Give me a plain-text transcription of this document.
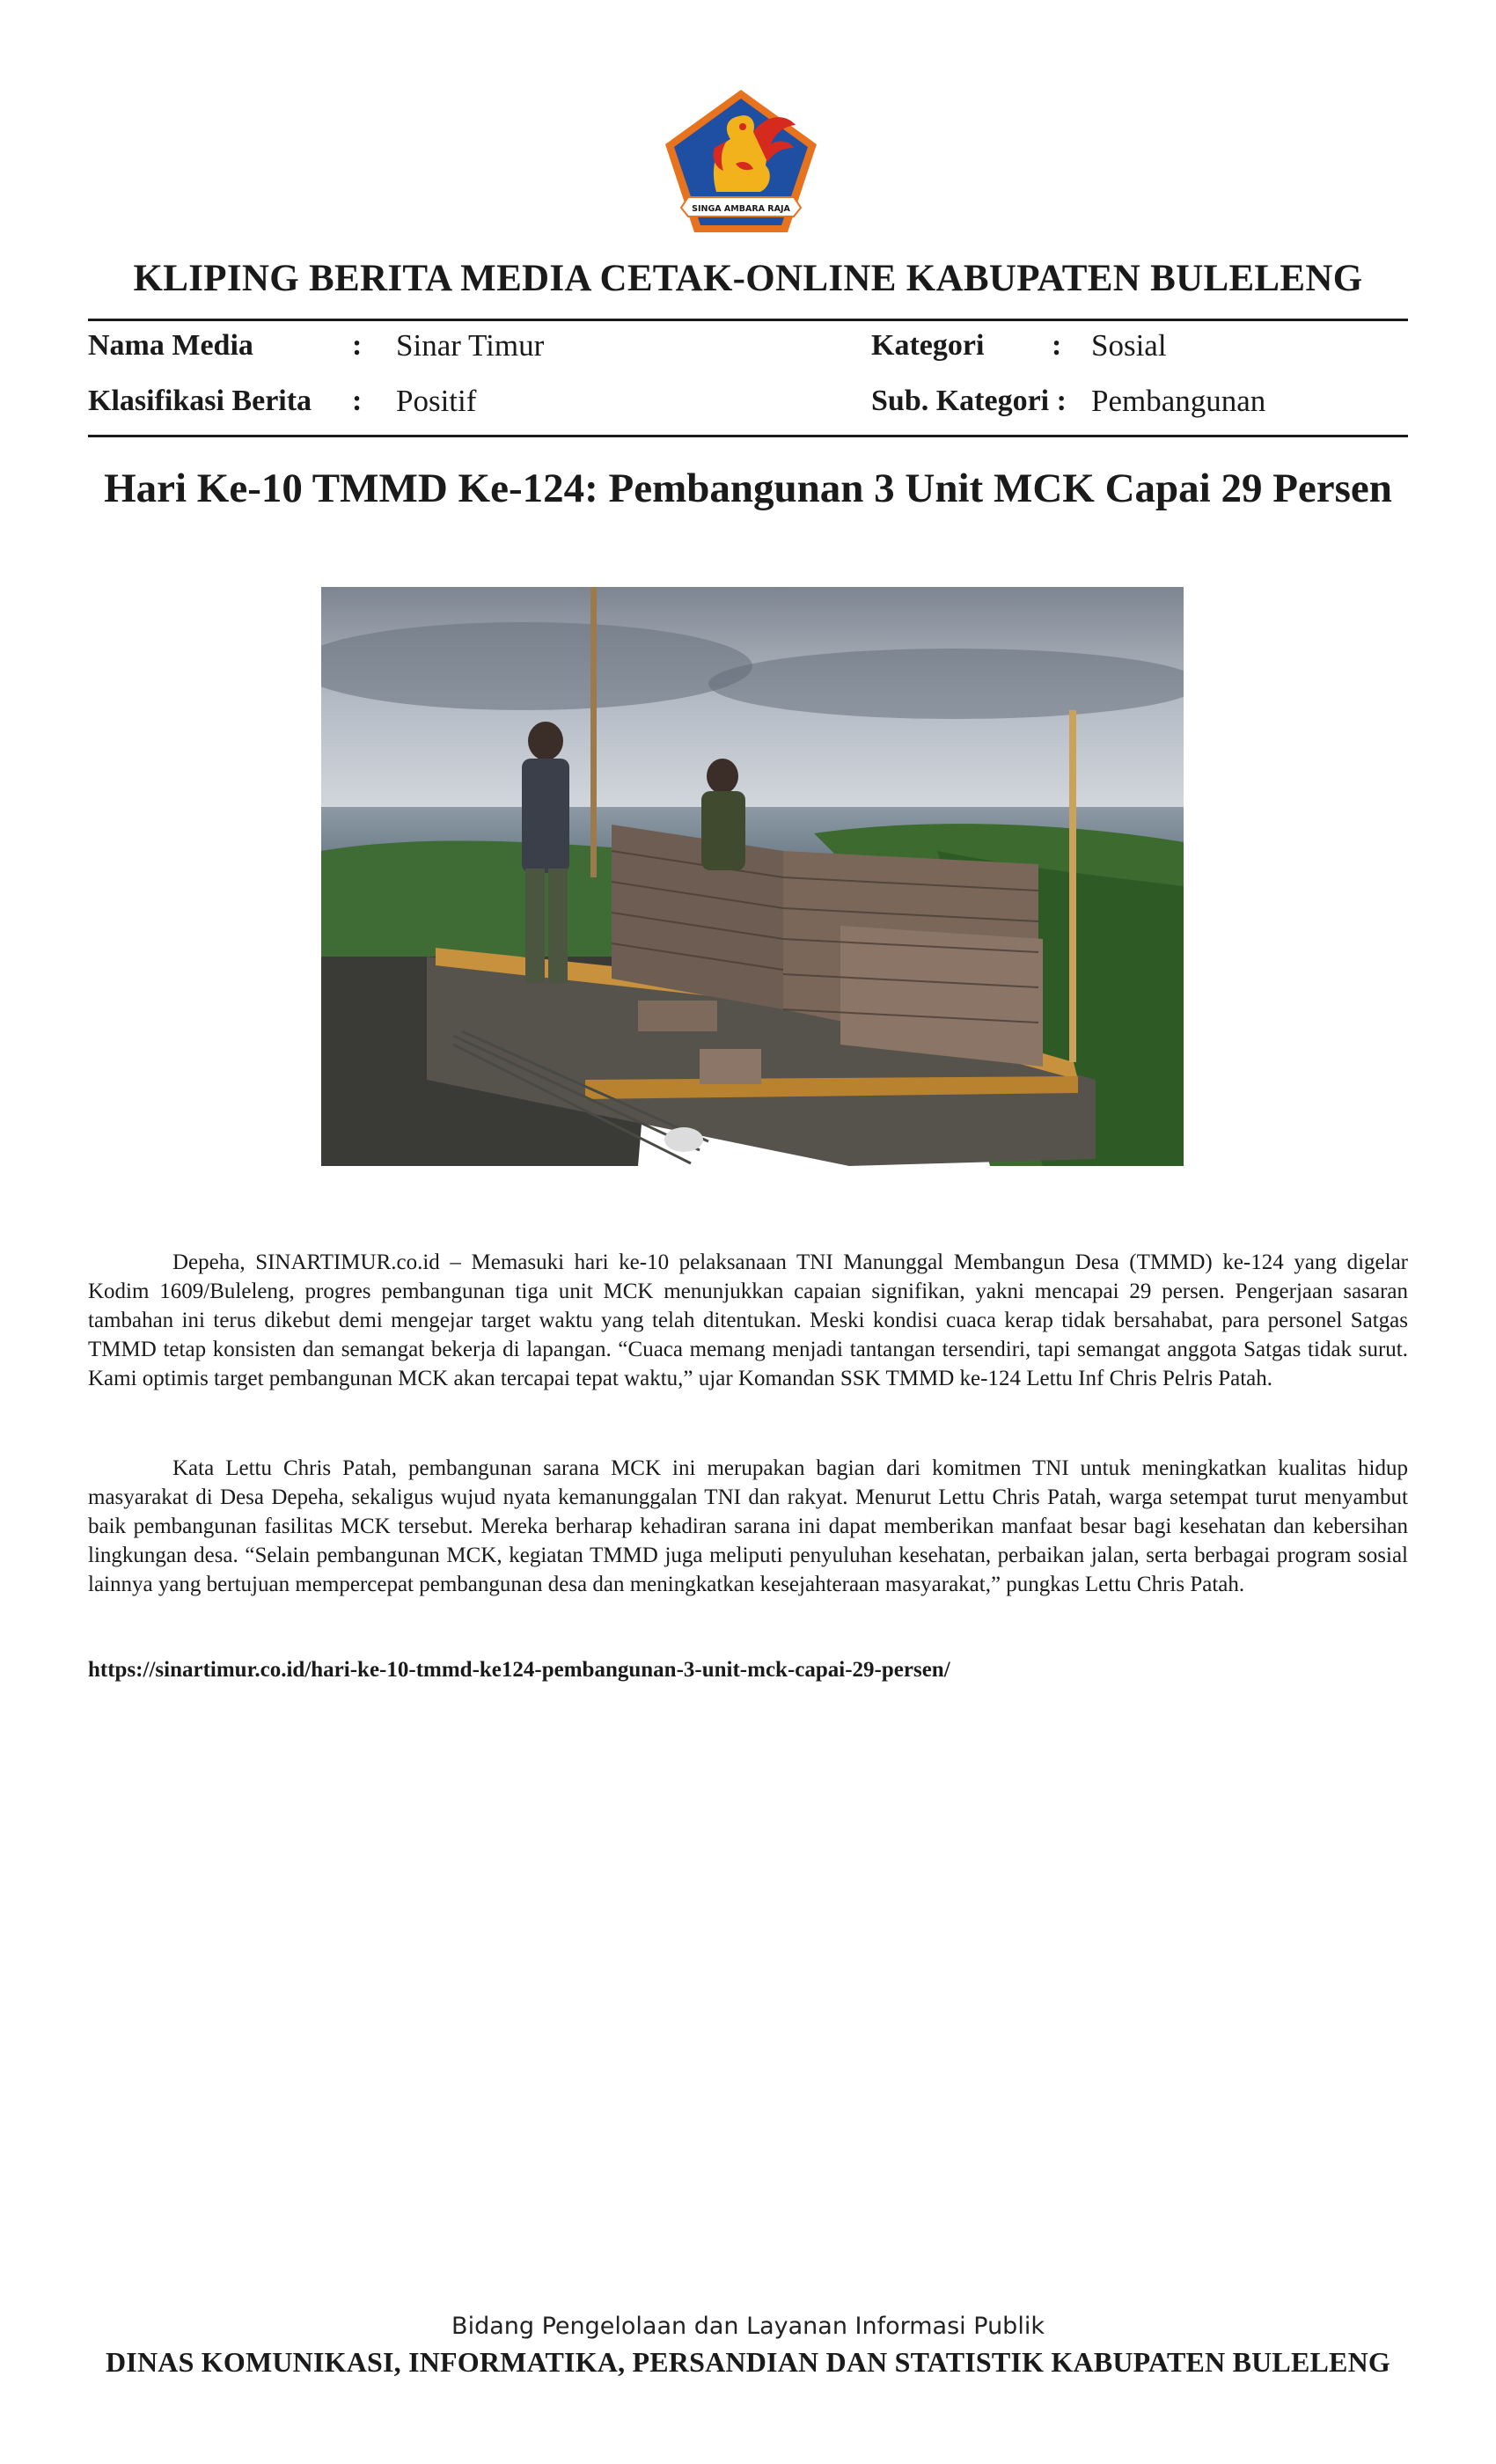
SINGA AMBARA RAJA
KLIPING BERITA MEDIA CETAK-ONLINE KABUPATEN BULELENG
Nama Media	: Sinar Timur
Klasifikasi Berita : Positif
Kategori : Sosial
Sub. Kategori : Pembangunan
Hari Ke-10 TMMD Ke-124: Pembangunan 3 Unit MCK Capai 29 Persen

Depeha, SINARTIMUR.co.id – Memasuki hari ke-10 pelaksanaan TNI Manunggal Membangun Desa (TMMD) ke-124 yang digelar Kodim 1609/Buleleng, progres pembangunan tiga unit MCK menunjukkan capaian signifikan, yakni mencapai 29 persen. Pengerjaan sasaran tambahan ini terus dikebut demi mengejar target waktu yang telah ditentukan. Meski kondisi cuaca kerap tidak bersahabat, para personel Satgas TMMD tetap konsisten dan semangat bekerja di lapangan. “Cuaca memang menjadi tantangan tersendiri, tapi semangat anggota Satgas tidak surut. Kami optimis target pembangunan MCK akan tercapai tepat waktu,” ujar Komandan SSK TMMD ke-124 Lettu Inf Chris Pelris Patah.

Kata Lettu Chris Patah, pembangunan sarana MCK ini merupakan bagian dari komitmen TNI untuk meningkatkan kualitas hidup masyarakat di Desa Depeha, sekaligus wujud nyata kemanunggalan TNI dan rakyat. Menurut Lettu Chris Patah, warga setempat turut menyambut baik pembangunan fasilitas MCK tersebut. Mereka berharap kehadiran sarana ini dapat memberikan manfaat besar bagi kesehatan dan kebersihan lingkungan desa. “Selain pembangunan MCK, kegiatan TMMD juga meliputi penyuluhan kesehatan, perbaikan jalan, serta berbagai program sosial lainnya yang bertujuan mempercepat pembangunan desa dan meningkatkan kesejahteraan masyarakat,” pungkas Lettu Chris Patah.

https://sinartimur.co.id/hari-ke-10-tmmd-ke124-pembangunan-3-unit-mck-capai-29-persen/
Bidang Pengelolaan dan Layanan Informasi Publik
DINAS KOMUNIKASI, INFORMATIKA, PERSANDIAN DAN STATISTIK KABUPATEN BULELENG
